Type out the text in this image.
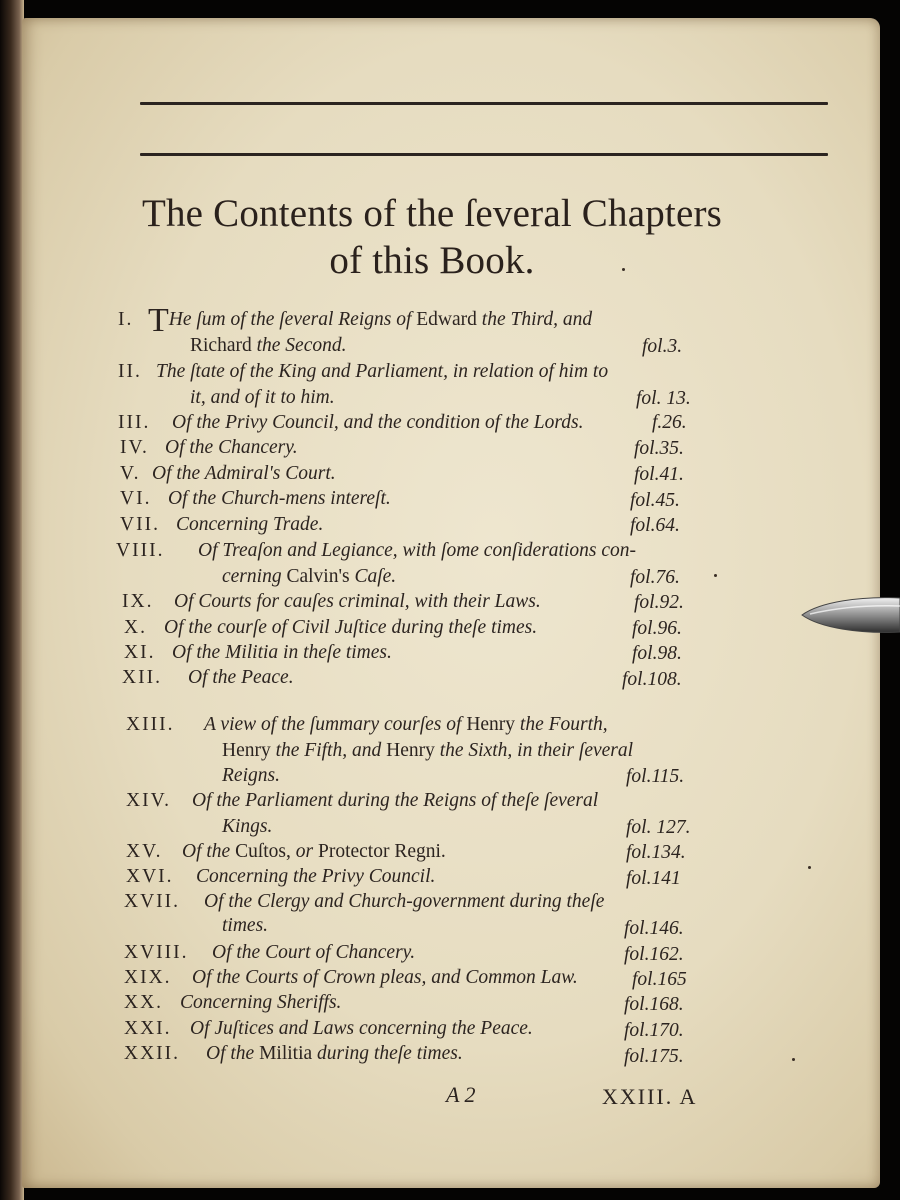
The Contents of the ſeveral Chapters
of this Book.
I. THe ſum of the ſeveral Reigns of Edward the Third, and
Richard the Second.	fol.3.
II. The ſtate of the King and Parliament, in relation of him to
it, and of it to him.	fol. 13.
III. Of the Privy Council, and the condition of the Lords.	f.26.
IV. Of the Chancery.	fol.35.
V. Of the Admiral's Court.	fol.41.
VI. Of the Church-mens intereſt.	fol.45.
VII. Concerning Trade.	fol.64.
VIII. Of Treaſon and Legiance, with ſome conſiderations con-
cerning Calvin's Caſe.	fol.76.
IX. Of Courts for cauſes criminal, with their Laws.	fol.92.
X. Of the courſe of Civil Juſtice during theſe times.	fol.96.
XI. Of the Militia in theſe times.	fol.98.
XII. Of the Peace.	fol.108.
XIII. A view of the ſummary courſes of Henry the Fourth,
Henry the Fifth, and Henry the Sixth, in their ſeveral
Reigns.	fol.115.
XIV. Of the Parliament during the Reigns of theſe ſeveral
Kings.	fol. 127.
XV. Of the Cuſtos, or Protector Regni.	fol.134.
XVI. Concerning the Privy Council.	fol.141
XVII. Of the Clergy and Church-government during theſe
times.	fol.146.
XVIII. Of the Court of Chancery.	fol.162.
XIX. Of the Courts of Crown pleas, and Common Law.	fol.165
XX. Concerning Sheriffs.	fol.168.
XXI. Of Juſtices and Laws concerning the Peace.	fol.170.
XXII. Of the Militia during theſe times.	fol.175.
A 2	XXIII. A
